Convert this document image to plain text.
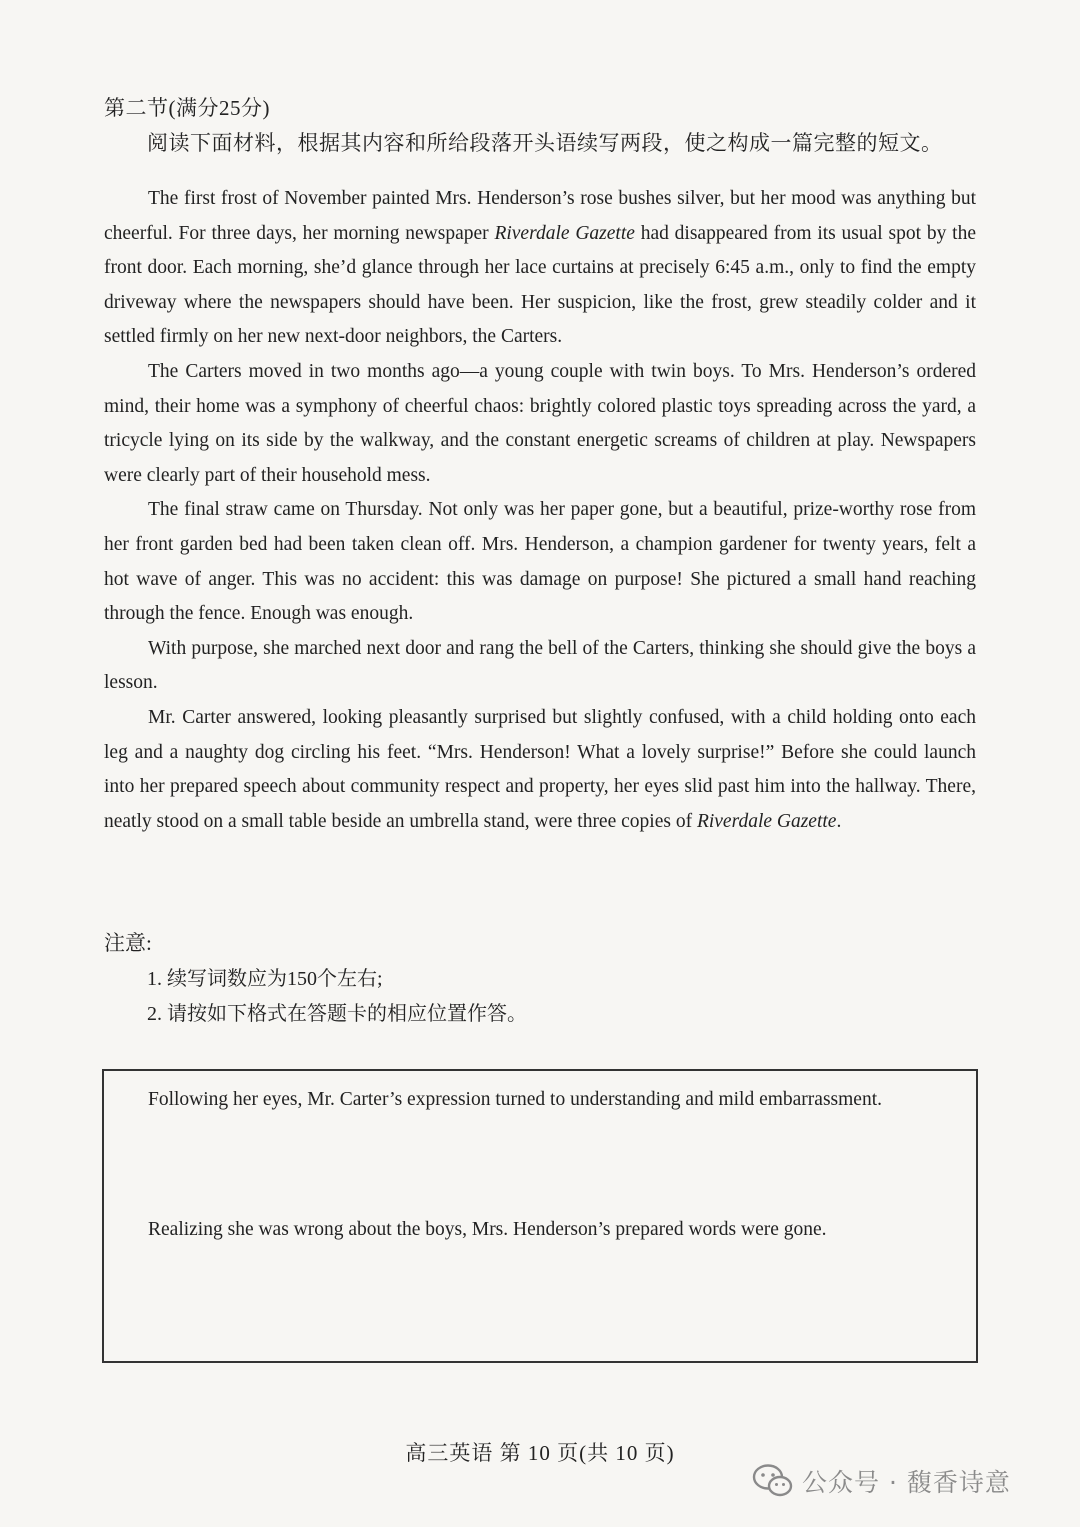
第二节(满分25分)
阅读下面材料，根据其内容和所给段落开头语续写两段，使之构成一篇完整的短文。

The first frost of November painted Mrs. Henderson’s rose bushes silver, but her mood was anything but cheerful. For three days, her morning newspaper Riverdale Gazette had disappeared from its usual spot by the front door. Each morning, she’d glance through her lace curtains at precisely 6:45 a.m., only to find the empty driveway where the newspapers should have been. Her suspicion, like the frost, grew steadily colder and it settled firmly on her new next-door neighbors, the Carters.

The Carters moved in two months ago—a young couple with twin boys. To Mrs. Henderson’s ordered mind, their home was a symphony of cheerful chaos: brightly colored plastic toys spreading across the yard, a tricycle lying on its side by the walkway, and the constant energetic screams of children at play. Newspapers were clearly part of their household mess.

The final straw came on Thursday. Not only was her paper gone, but a beautiful, prize-worthy rose from her front garden bed had been taken clean off. Mrs. Henderson, a champion gardener for twenty years, felt a hot wave of anger. This was no accident: this was damage on purpose! She pictured a small hand reaching through the fence. Enough was enough.

With purpose, she marched next door and rang the bell of the Carters, thinking she should give the boys a lesson.

Mr. Carter answered, looking pleasantly surprised but slightly confused, with a child holding onto each leg and a naughty dog circling his feet. “Mrs. Henderson! What a lovely surprise!” Before she could launch into her prepared speech about community respect and property, her eyes slid past him into the hallway. There, neatly stood on a small table beside an umbrella stand, were three copies of Riverdale Gazette.

注意:
1. 续写词数应为150个左右;
2. 请按如下格式在答题卡的相应位置作答。
Following her eyes, Mr. Carter’s expression turned to understanding and mild embarrassment.
Realizing she was wrong about the boys, Mrs. Henderson’s prepared words were gone.
高三英语 第 10 页(共 10 页)
公众号 · 馥香诗意
